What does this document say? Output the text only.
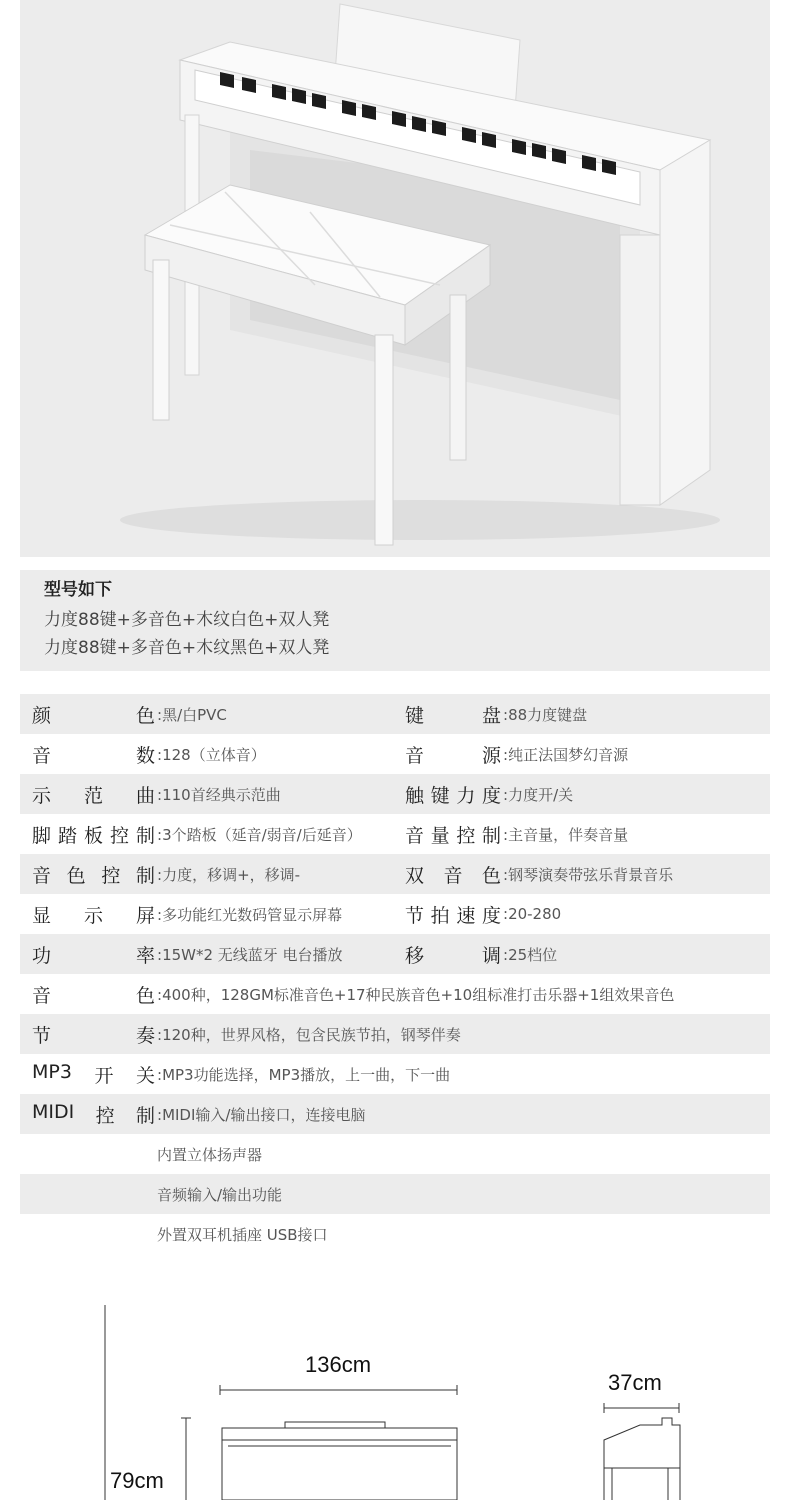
型号如下
力度88键+多音色+木纹白色+双人凳
力度88键+多音色+木纹黑色+双人凳
颜	色 :黑/白PVC	键	盘 :88力度键盘
音	数 :128（立体音）	音	源 :纯正法国梦幻音源
示 范 曲 :110首经典示范曲	触 键 力 度 :力度开/关
脚 踏 板 控 制 :3个踏板（延音/弱音/后延音） 音 量 控 制 :主音量，伴奏音量
音 色 控 制 :力度，移调+，移调-	双 音 色 :钢琴演奏带弦乐背景音乐
显 示 屏 :多功能红光数码管显示屏幕	节 拍 速 度 :20-280
功	率 :15W*2 无线蓝牙 电台播放	移	调 :25档位
音	色 :400种，128GM标准音色+17种民族音色+10组标准打击乐器+1组效果音色
节	奏 :120种，世界风格，包含民族节拍，钢琴伴奏
MP3 开 关 :MP3功能选择，MP3播放，上一曲，下一曲
MIDI 控 制 :MIDI输入/输出接口，连接电脑
内置立体扬声器
音频输入/输出功能
外置双耳机插座 USB接口
79cm
136cm
37cm
